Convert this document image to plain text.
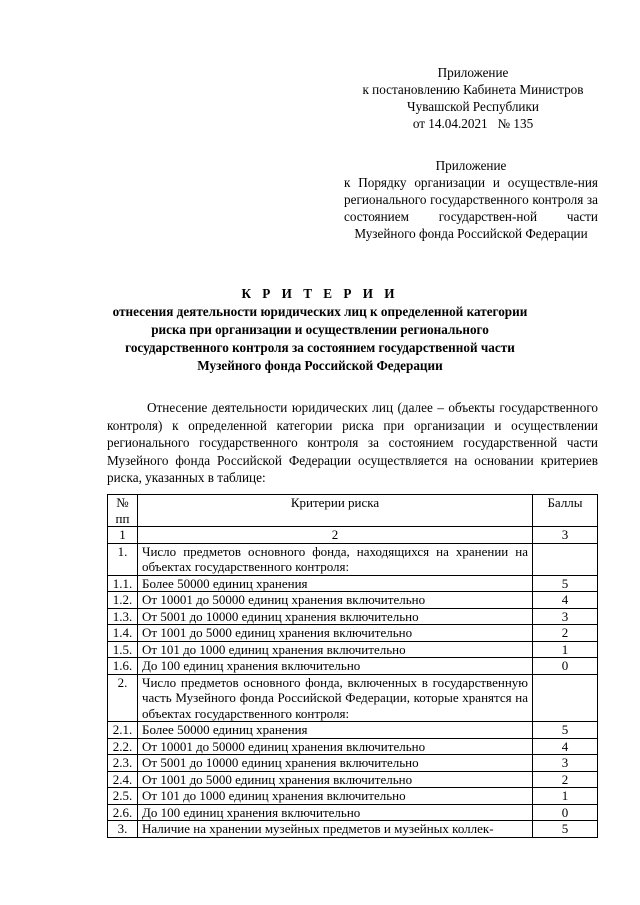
Приложение
к постановлению Кабинета Министров
Чувашской Республики
от 14.04.2021   № 135
Приложение
к Порядку организации и осуществле-ния регионального государственного контроля за состоянием государствен-ной части Музейного фонда Российской Федерации
К Р И Т Е Р И И
отнесения деятельности юридических лиц к определенной категории риска при организации и осуществлении регионального государственного контроля за состоянием государственной части Музейного фонда Российской Федерации
Отнесение деятельности юридических лиц (далее – объекты государственного контроля) к определенной категории риска при организации и осуществлении регионального государственного контроля за состоянием государственной части Музейного фонда Российской Федерации осуществляется на основании критериев риска, указанных в таблице:
№ пп	Критерии риска	Баллы
1	2	3
1.	Число предметов основного фонда, находящихся на хранении на объектах государственного контроля:	
1.1.	Более 50000 единиц хранения	5
1.2.	От 10001 до 50000 единиц хранения включительно	4
1.3.	От 5001 до 10000 единиц хранения включительно	3
1.4.	От 1001 до 5000 единиц хранения включительно	2
1.5.	От 101 до 1000 единиц хранения включительно	1
1.6.	До 100 единиц хранения включительно	0
2.	Число предметов основного фонда, включенных в государственную часть Музейного фонда Российской Федерации, которые хранятся на объектах государственного контроля:	
2.1.	Более 50000 единиц хранения	5
2.2.	От 10001 до 50000 единиц хранения включительно	4
2.3.	От 5001 до 10000 единиц хранения включительно	3
2.4.	От 1001 до 5000 единиц хранения включительно	2
2.5.	От 101 до 1000 единиц хранения включительно	1
2.6.	До 100 единиц хранения включительно	0
3.	Наличие на хранении музейных предметов и музейных коллек-	5
